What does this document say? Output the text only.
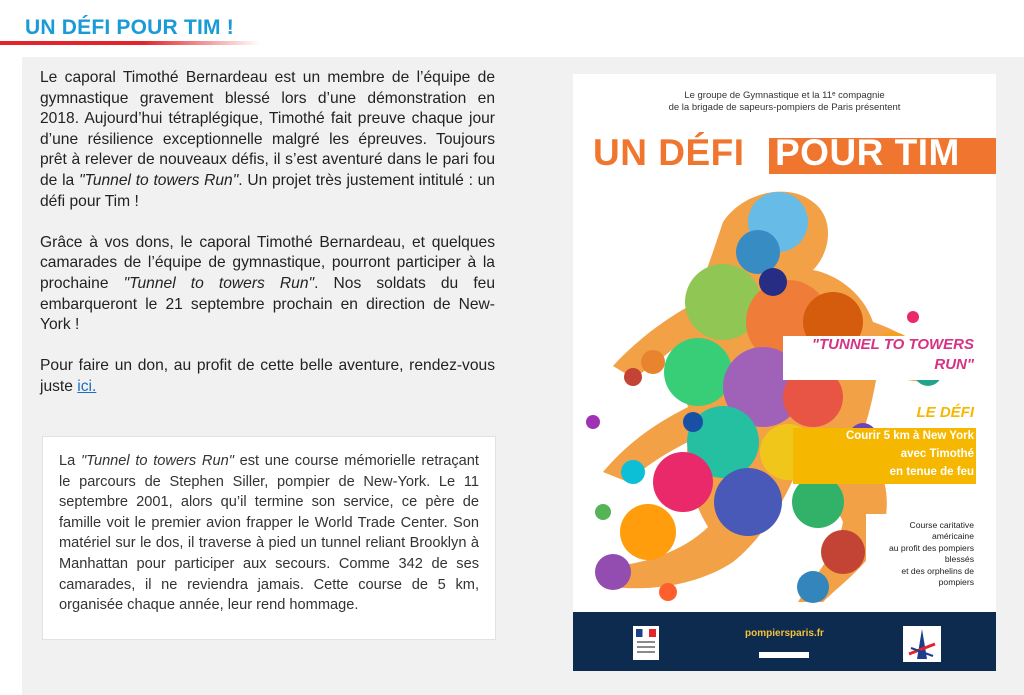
UN DÉFI POUR TIM !

Le caporal Timothé Bernardeau est un membre de l’équipe de gymnastique gravement blessé lors d’une démonstration en 2018. Aujourd’hui tétraplégique, Timothé fait preuve chaque jour d’une résilience exceptionnelle malgré les épreuves. Toujours prêt à relever de nouveaux défis, il s’est aventuré dans le pari fou de la "Tunnel to towers Run". Un projet très justement intitulé : un défi pour Tim !

Grâce à vos dons, le caporal Timothé Bernardeau, et quelques camarades de l’équipe de gymnastique, pourront participer à la prochaine "Tunnel to towers Run". Nos soldats du feu embarqueront le 21 septembre prochain en direction de New-York !

Pour faire un don, au profit de cette belle aventure, rendez-vous juste ici.

La "Tunnel to towers Run" est une course mémorielle retraçant le parcours de Stephen Siller, pompier de New-York. Le 11 septembre 2001, alors qu’il termine son service, ce père de famille voit le premier avion frapper le World Trade Center. Son matériel sur le dos, il traverse à pied un tunnel reliant Brooklyn à Manhattan pour participer aux secours. Comme 342 de ses camarades, il ne reviendra jamais. Cette course de 5 km, organisée chaque année, leur rend hommage.
Le groupe de Gymnastique et la 11ᵉ compagnie
de la brigade de sapeurs-pompiers de Paris présentent
UN DÉFI POUR TIM
"TUNNEL TO TOWERS
RUN"
LE DÉFI
Courir 5 km à New York
avec Timothé
en tenue de feu
Course caritative
américaine
au profit des pompiers
blessés
et des orphelins de
pompiers
pompiersparis.fr
